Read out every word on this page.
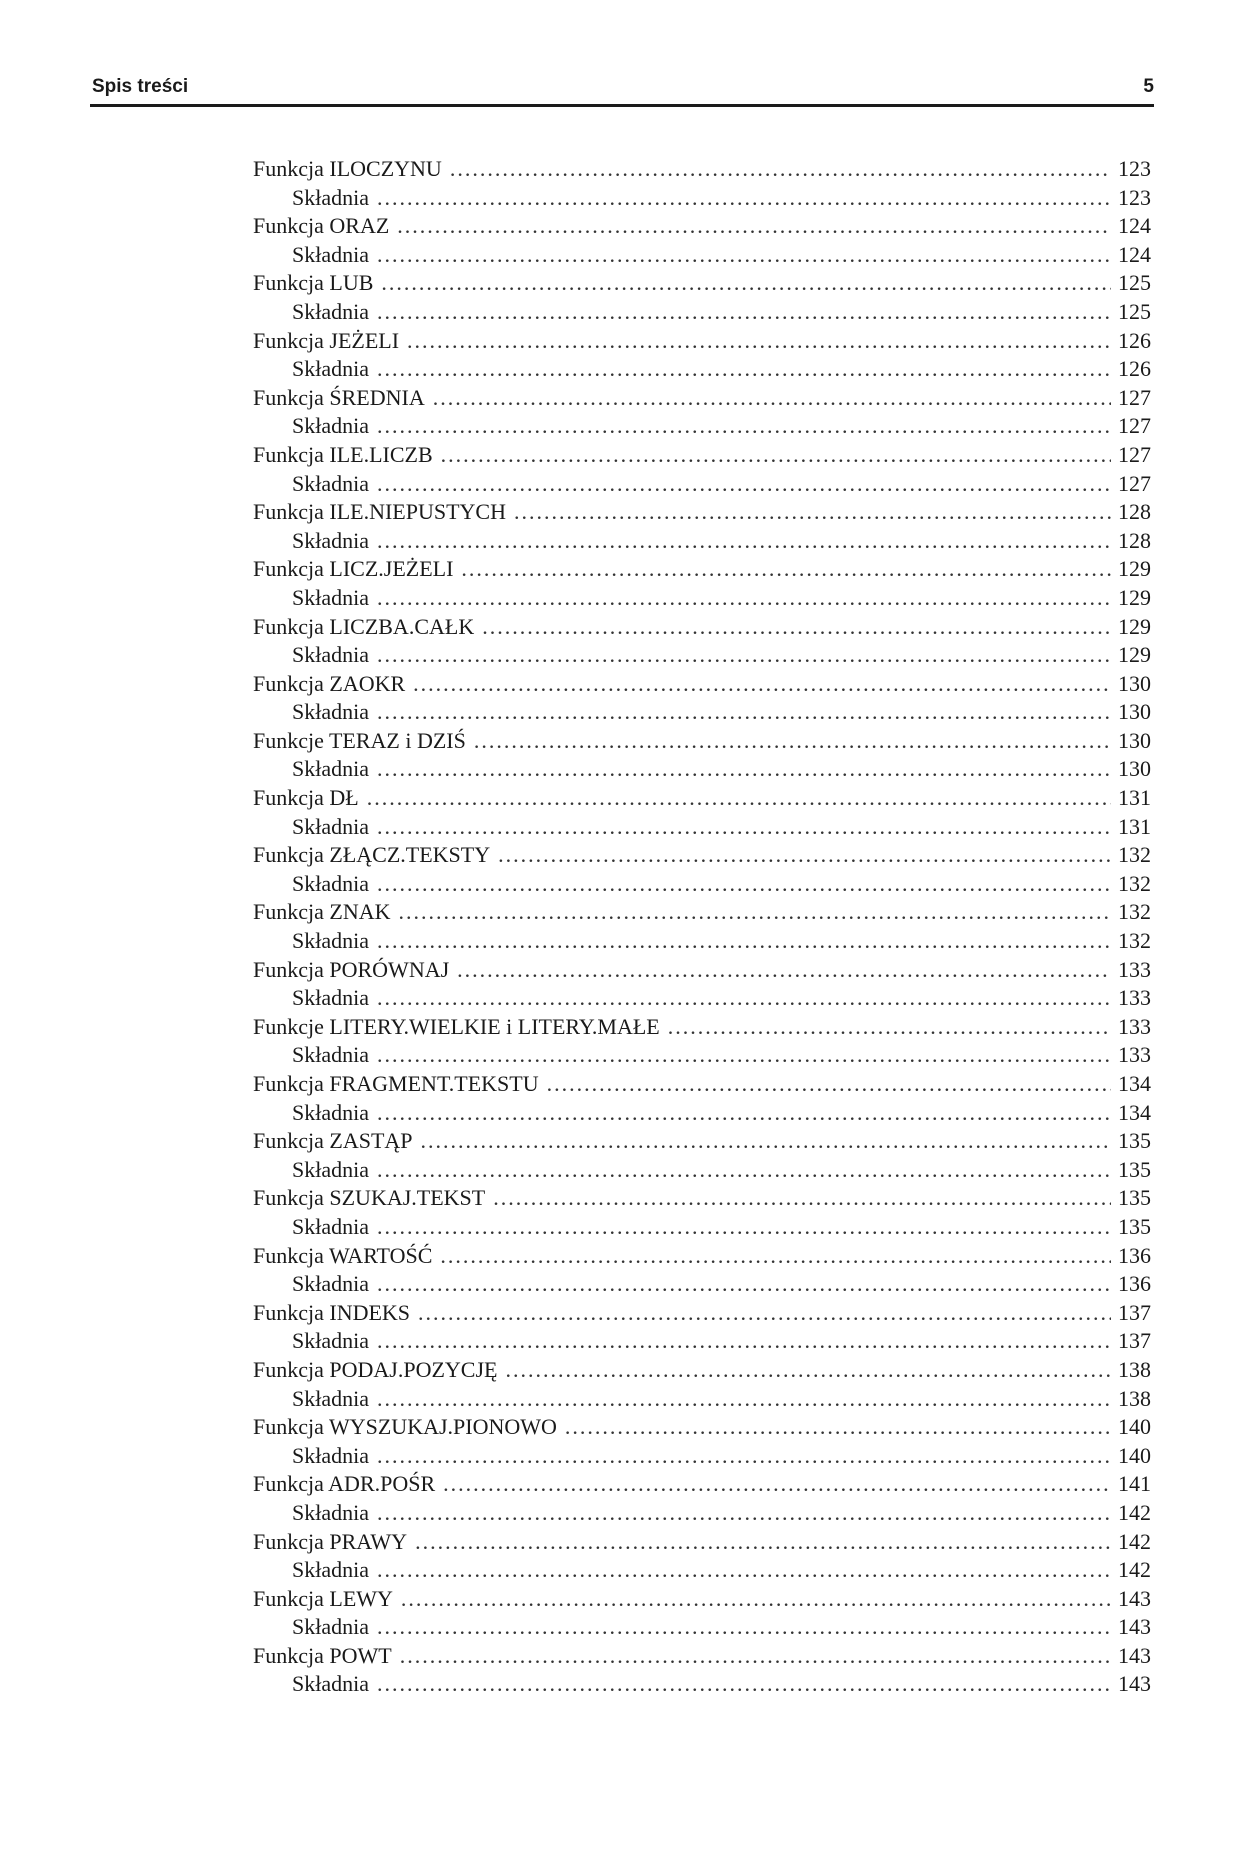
Spis treści	5
Funkcja ILOCZYNU .....	123
Składnia .....	123
Funkcja ORAZ .....	124
Składnia .....	124
Funkcja LUB .....	125
Składnia .....	125
Funkcja JEŻELI .....	126
Składnia .....	126
Funkcja ŚREDNIA .....	127
Składnia .....	127
Funkcja ILE.LICZB .....	127
Składnia .....	127
Funkcja ILE.NIEPUSTYCH .....	128
Składnia .....	128
Funkcja LICZ.JEŻELI .....	129
Składnia .....	129
Funkcja LICZBA.CAŁK .....	129
Składnia .....	129
Funkcja ZAOKR .....	130
Składnia .....	130
Funkcje TERAZ i DZIŚ .....	130
Składnia .....	130
Funkcja DŁ .....	131
Składnia .....	131
Funkcja ZŁĄCZ.TEKSTY .....	132
Składnia .....	132
Funkcja ZNAK .....	132
Składnia .....	132
Funkcja PORÓWNAJ .....	133
Składnia .....	133
Funkcje LITERY.WIELKIE i LITERY.MAŁE .....	133
Składnia .....	133
Funkcja FRAGMENT.TEKSTU .....	134
Składnia .....	134
Funkcja ZASTĄP .....	135
Składnia .....	135
Funkcja SZUKAJ.TEKST .....	135
Składnia .....	135
Funkcja WARTOŚĆ .....	136
Składnia .....	136
Funkcja INDEKS .....	137
Składnia .....	137
Funkcja PODAJ.POZYCJĘ .....	138
Składnia .....	138
Funkcja WYSZUKAJ.PIONOWO .....	140
Składnia .....	140
Funkcja ADR.POŚR .....	141
Składnia .....	142
Funkcja PRAWY .....	142
Składnia .....	142
Funkcja LEWY .....	143
Składnia .....	143
Funkcja POWT .....	143
Składnia .....	143
